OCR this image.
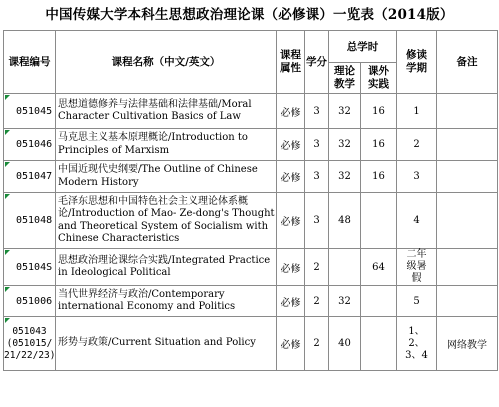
中国传媒大学本科生思想政治理论课（必修课）一览表（2014版）
课程编号	课程名称（中文/英文）	课程属性	学分	总学时		修读学期	备注
				理论教学	课外实践		

051045	思想道德修养与法律基础和法律基础/Moral Character Cultivation Basics of Law	必修	3	32	16	1	

051046	马克思主义基本原理概论/Introduction to Principles of Marxism	必修	3	32	16	2	

051047	中国近现代史纲要/The Outline of Chinese Modern History	必修	3	32	16	3	

051048	毛泽东思想和中国特色社会主义理论体系概论/Introduction of Mao- Ze-dong's Thought and Theoretical System of Socialism with Chinese Characteristics	必修	3	48		4	

05104S	思想政治理论课综合实践/Integrated Practice in Ideological Political	必修	2		64	二年级暑假	

051006	当代世界经济与政治/Contemporary international Economy and Politics	必修	2	32		5	

051043 (051015/ 21/22/23)	形势与政策/Current Situation and Policy	必修	2	40		1、2、3、4	网络教学
